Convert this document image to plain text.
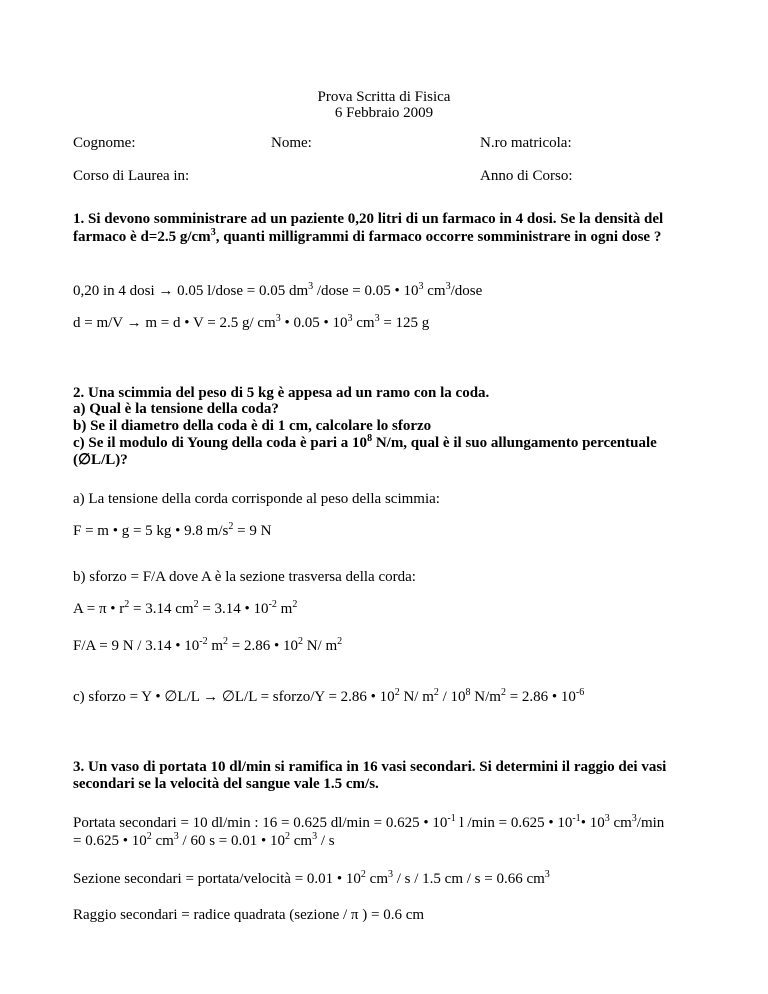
Prova Scritta di Fisica
6 Febbraio 2009
Cognome:	Nome:	N.ro matricola:
Corso di Laurea in:	Anno di Corso:
1. Si devono somministrare ad un paziente 0,20 litri di un farmaco in 4 dosi. Se la densità del
farmaco è d=2.5 $g/cm^3$, quanti milligrammi di farmaco occorre somministrare in ogni dose ?
0,20 in 4 dosi → 0.05 l/dose = 0.05 $dm^3$ /dose = 0.05 • $10^3$ $cm^3$/dose
d = m/V → m = d • V = 2.5 g/ $cm^3$ • 0.05 • $10^3$ $cm^3 = 125$ g
2. Una scimmia del peso di 5 kg è appesa ad un ramo con la coda.
a) Qual è la tensione della coda?
b) Se il diametro della coda è di 1 cm, calcolare lo sforzo
c) Se il modulo di Young della coda è pari a $10^8$ N/m, qual è il suo allungamento percentuale
(∅L/L)?
a) La tensione della corda corrisponde al peso della scimmia:
F = m • g = 5 kg • 9.8 $m/s^2 = 9$ N
b) sforzo = F/A dove A è la sezione trasversa della corda:
A = π • $r^2 = 3.14$ $cm^2 = 3.14$ • $10^{-2}$ $m^2$
F/A = 9 N / 3.14 • $10^{-2}$ $m^2 = 2.86$ • $10^2$ N/ $m^2$
c) sforzo = Y • ∅L/L → ∅L/L = sforzo/Y = 2.86 • $10^2$ N/ $m^2 / 10^8$ $N/m^2 = 2.86$ • $10^{-6}$
3. Un vaso di portata 10 dl/min si ramifica in 16 vasi secondari. Si determini il raggio dei vasi
secondari se la velocità del sangue vale 1.5 cm/s.
Portata secondari = 10 dl/min : 16 = 0.625 dl/min = 0.625 • $10^{-1}$ l /min = 0.625 • $10^{-1}•$ $10^3$ $cm^3/\min$
= 0.625 • $10^2$ $cm^3 / 60$ s = 0.01 • $10^2$ $cm^3$ / s
Sezione secondari = portata/velocità = 0.01 • $10^2$ $cm^3$ / s / 1.5 cm / s = 0.66 $cm^3$
Raggio secondari = radice quadrata (sezione / π ) = 0.6 cm
